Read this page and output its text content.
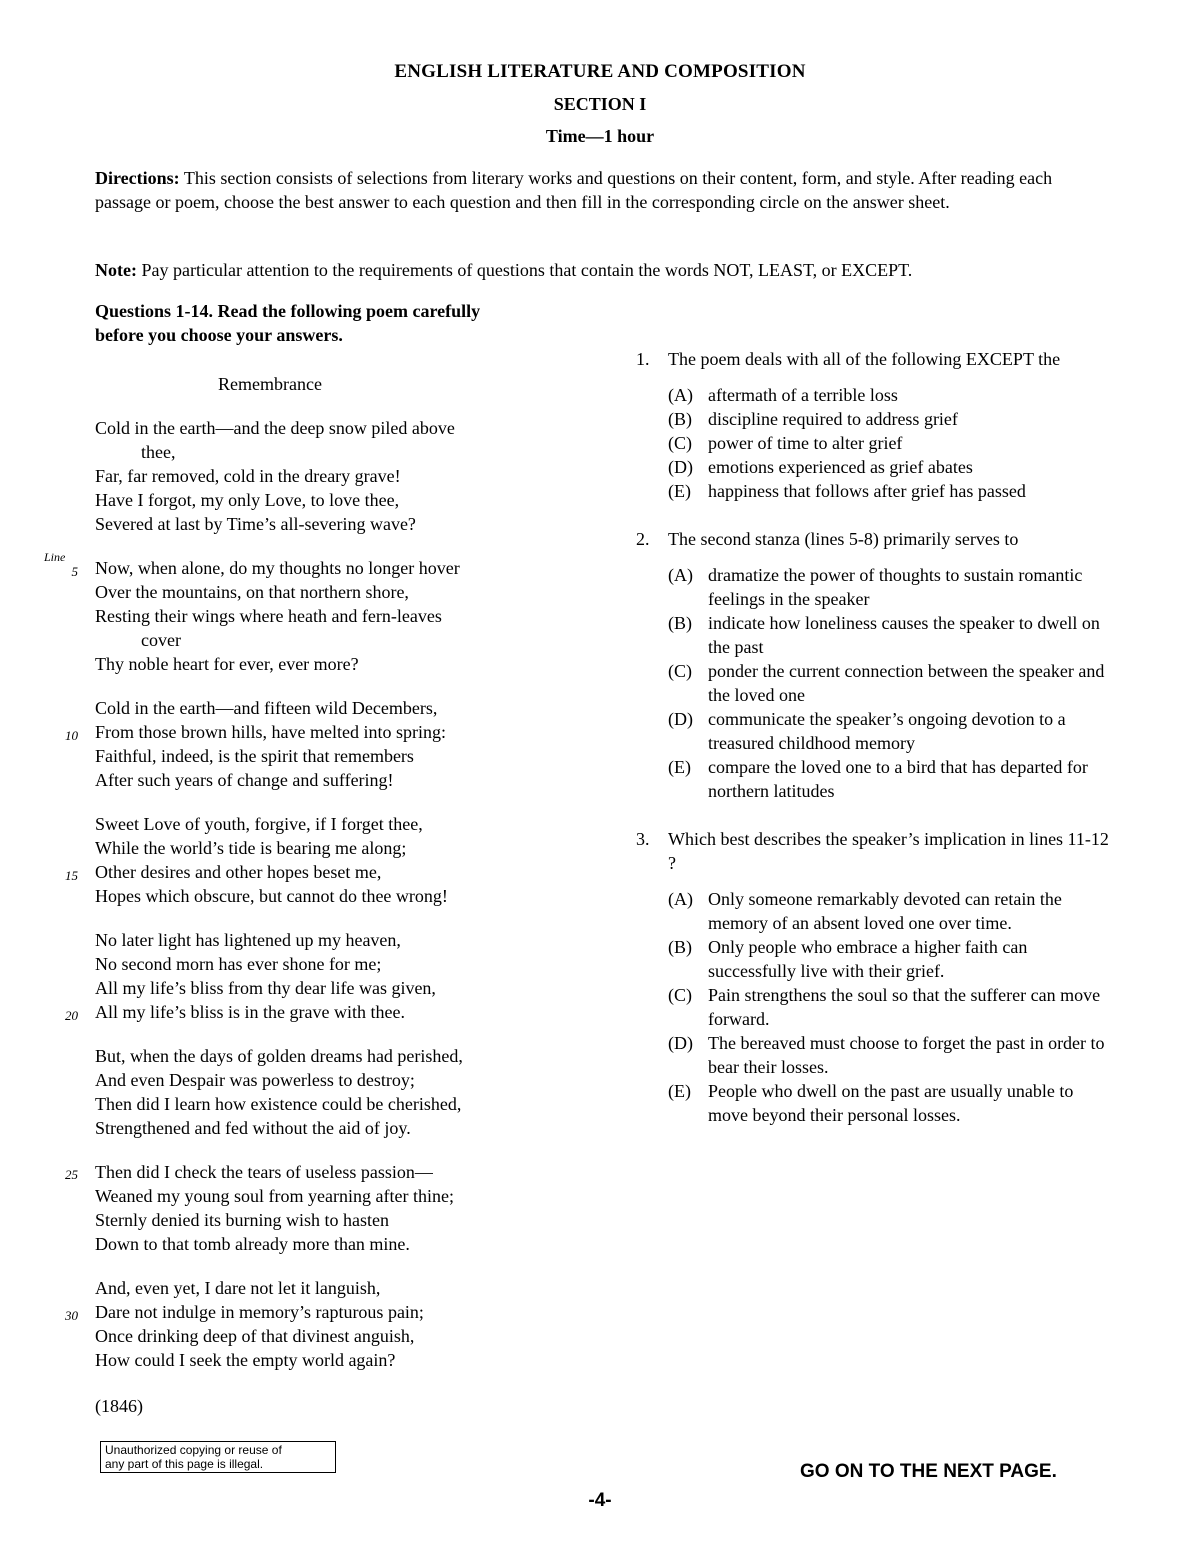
ENGLISH LITERATURE AND COMPOSITION
SECTION I
Time—1 hour
Directions: This section consists of selections from literary works and questions on their content, form, and style. After reading each passage or poem, choose the best answer to each question and then fill in the corresponding circle on the answer sheet.
Note: Pay particular attention to the requirements of questions that contain the words NOT, LEAST, or EXCEPT.
Questions 1-14. Read the following poem carefully
before you choose your answers.
Remembrance
Line
5
10
15
20
25
30
Cold in the earth—and the deep snow piled above
thee,
Far, far removed, cold in the dreary grave!
Have I forgot, my only Love, to love thee,
Severed at last by Time’s all-severing wave?
Now, when alone, do my thoughts no longer hover
Over the mountains, on that northern shore,
Resting their wings where heath and fern-leaves
cover
Thy noble heart for ever, ever more?
Cold in the earth—and fifteen wild Decembers,
From those brown hills, have melted into spring:
Faithful, indeed, is the spirit that remembers
After such years of change and suffering!
Sweet Love of youth, forgive, if I forget thee,
While the world’s tide is bearing me along;
Other desires and other hopes beset me,
Hopes which obscure, but cannot do thee wrong!
No later light has lightened up my heaven,
No second morn has ever shone for me;
All my life’s bliss from thy dear life was given,
All my life’s bliss is in the grave with thee.
But, when the days of golden dreams had perished,
And even Despair was powerless to destroy;
Then did I learn how existence could be cherished,
Strengthened and fed without the aid of joy.
Then did I check the tears of useless passion—
Weaned my young soul from yearning after thine;
Sternly denied its burning wish to hasten
Down to that tomb already more than mine.
And, even yet, I dare not let it languish,
Dare not indulge in memory’s rapturous pain;
Once drinking deep of that divinest anguish,
How could I seek the empty world again?
(1846)
1.	The poem deals with all of the following EXCEPT the
(A) aftermath of a terrible loss
(B) discipline required to address grief
(C) power of time to alter grief
(D) emotions experienced as grief abates
(E) happiness that follows after grief has passed
2.	The second stanza (lines 5-8) primarily serves to
(A) dramatize the power of thoughts to sustain romantic feelings in the speaker
(B) indicate how loneliness causes the speaker to dwell on the past
(C) ponder the current connection between the speaker and the loved one
(D) communicate the speaker’s ongoing devotion to a treasured childhood memory
(E) compare the loved one to a bird that has departed for northern latitudes
3.	Which best describes the speaker’s implication in lines 11-12 ?
(A) Only someone remarkably devoted can retain the memory of an absent loved one over time.
(B) Only people who embrace a higher faith can successfully live with their grief.
(C) Pain strengthens the soul so that the sufferer can move forward.
(D) The bereaved must choose to forget the past in order to bear their losses.
(E) People who dwell on the past are usually unable to move beyond their personal losses.
Unauthorized copying or reuse of
any part of this page is illegal.	GO ON TO THE NEXT PAGE.
-4-
